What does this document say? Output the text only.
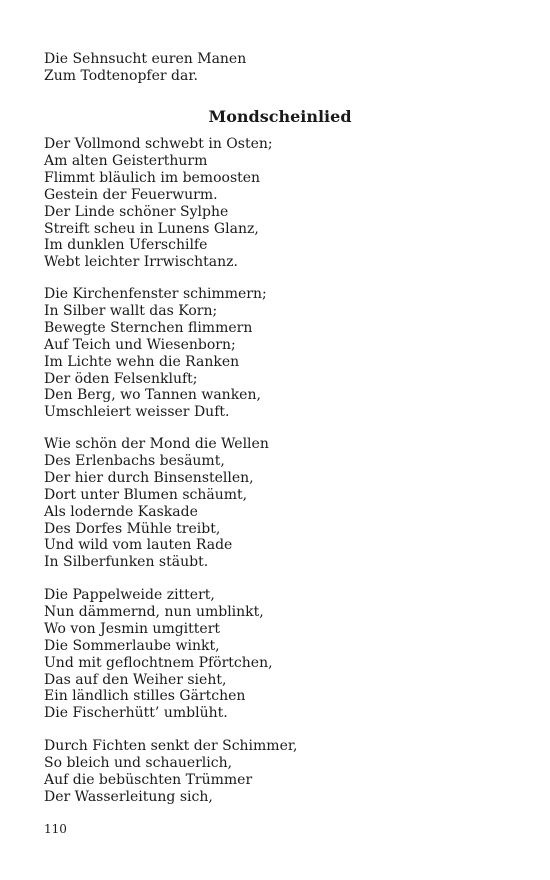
Die Sehnsucht euren Manen
Zum Todtenopfer dar.
Mondscheinlied
Der Vollmond schwebt in Osten;
Am alten Geisterthurm
Flimmt bläulich im bemoosten
Gestein der Feuerwurm.
Der Linde schöner Sylphe
Streift scheu in Lunens Glanz,
Im dunklen Uferschilfe
Webt leichter Irrwischtanz.
Die Kirchenfenster schimmern;
In Silber wallt das Korn;
Bewegte Sternchen flimmern
Auf Teich und Wiesenborn;
Im Lichte wehn die Ranken
Der öden Felsenkluft;
Den Berg, wo Tannen wanken,
Umschleiert weisser Duft.
Wie schön der Mond die Wellen
Des Erlenbachs besäumt,
Der hier durch Binsenstellen,
Dort unter Blumen schäumt,
Als lodernde Kaskade
Des Dorfes Mühle treibt,
Und wild vom lauten Rade
In Silberfunken stäubt.
Die Pappelweide zittert,
Nun dämmernd, nun umblinkt,
Wo von Jesmin umgittert
Die Sommerlaube winkt,
Und mit geflochtnem Pförtchen,
Das auf den Weiher sieht,
Ein ländlich stilles Gärtchen
Die Fischerhütt’ umblüht.
Durch Fichten senkt der Schimmer,
So bleich und schauerlich,
Auf die bebüschten Trümmer
Der Wasserleitung sich,
110
